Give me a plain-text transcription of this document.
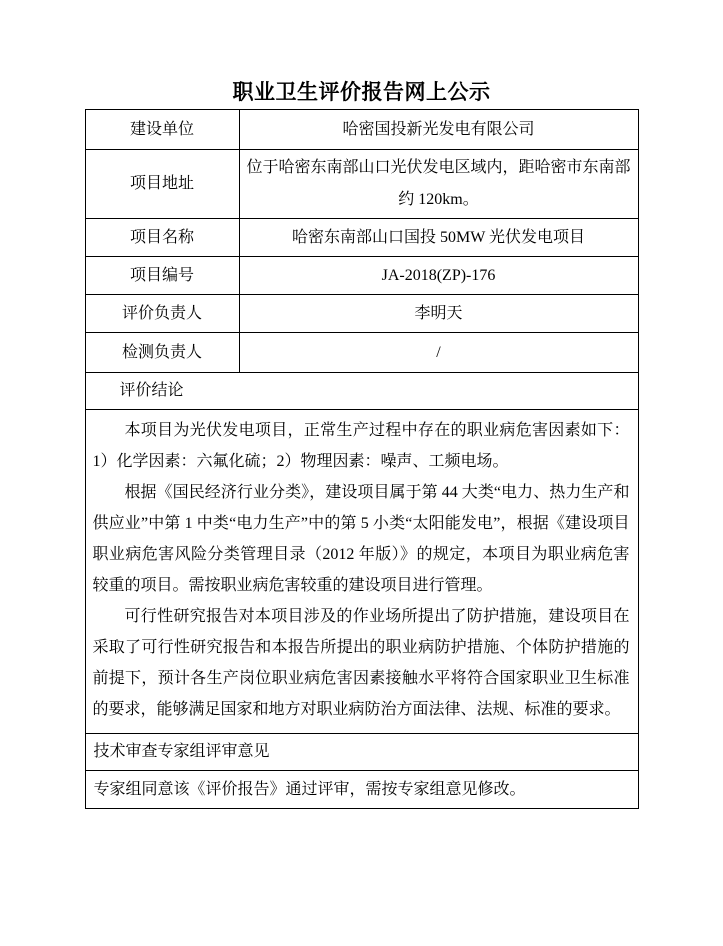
职业卫生评价报告网上公示
建设单位	哈密国投新光发电有限公司
项目地址	位于哈密东南部山口光伏发电区域内，距哈密市东南部约 120km。
项目名称	哈密东南部山口国投 50MW 光伏发电项目
项目编号	JA-2018(ZP)-176
评价负责人	李明天
检测负责人	/
评价结论	

本项目为光伏发电项目，正常生产过程中存在的职业病危害因素如下：1）化学因素：六氟化硫；2）物理因素：噪声、工频电场。

根据《国民经济行业分类》，建设项目属于第 44 大类“电力、热力生产和供应业”中第 1 中类“电力生产”中的第 5 小类“太阳能发电”，根据《建设项目职业病危害风险分类管理目录（2012 年版）》的规定，本项目为职业病危害较重的项目。需按职业病危害较重的建设项目进行管理。

可行性研究报告对本项目涉及的作业场所提出了防护措施，建设项目在采取了可行性研究报告和本报告所提出的职业病防护措施、个体防护措施的前提下，预计各生产岗位职业病危害因素接触水平将符合国家职业卫生标准的要求，能够满足国家和地方对职业病防治方面法律、法规、标准的要求。	

技术审查专家组评审意见	
专家组同意该《评价报告》通过评审，需按专家组意见修改。	
